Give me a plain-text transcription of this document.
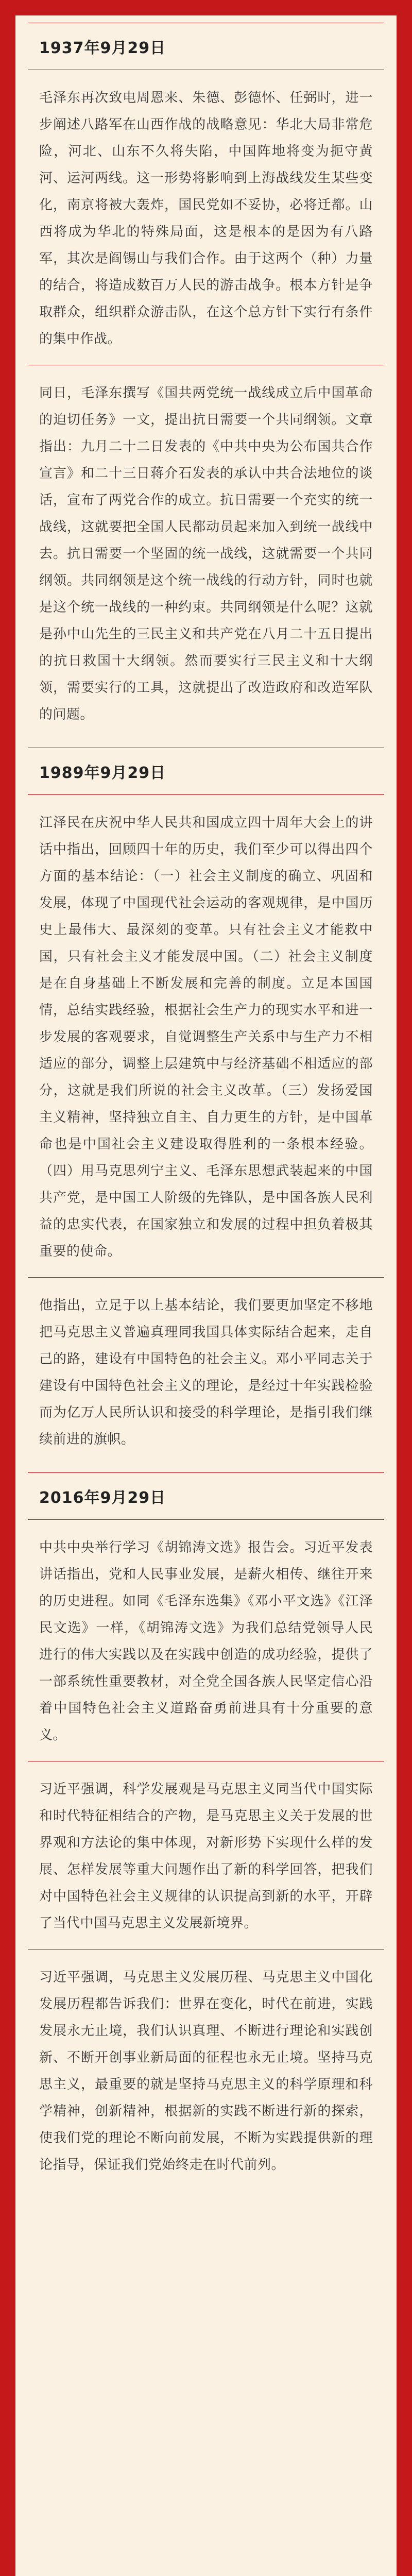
1937年9月29日

毛泽东再次致电周恩来、朱德、彭德怀、任弼时，进一步阐述八路军在山西作战的战略意见：华北大局非常危险，河北、山东不久将失陷，中国阵地将变为扼守黄河、运河两线。这一形势将影响到上海战线发生某些变化，南京将被大轰炸，国民党如不妥协，必将迁都。山西将成为华北的特殊局面，这是根本的是因为有八路军，其次是阎锡山与我们合作。由于这两个（种）力量的结合，将造成数百万人民的游击战争。根本方针是争取群众，组织群众游击队，在这个总方针下实行有条件的集中作战。

同日，毛泽东撰写《国共两党统一战线成立后中国革命的迫切任务》一文，提出抗日需要一个共同纲领。文章指出：九月二十二日发表的《中共中央为公布国共合作宣言》和二十三日蒋介石发表的承认中共合法地位的谈话，宣布了两党合作的成立。抗日需要一个充实的统一战线，这就要把全国人民都动员起来加入到统一战线中去。抗日需要一个坚固的统一战线，这就需要一个共同纲领。共同纲领是这个统一战线的行动方针，同时也就是这个统一战线的一种约束。共同纲领是什么呢？这就是孙中山先生的三民主义和共产党在八月二十五日提出的抗日救国十大纲领。然而要实行三民主义和十大纲领，需要实行的工具，这就提出了改造政府和改造军队的问题。

1989年9月29日

江泽民在庆祝中华人民共和国成立四十周年大会上的讲话中指出，回顾四十年的历史，我们至少可以得出四个方面的基本结论：（一）社会主义制度的确立、巩固和发展，体现了中国现代社会运动的客观规律，是中国历史上最伟大、最深刻的变革。只有社会主义才能救中国，只有社会主义才能发展中国。（二）社会主义制度是在自身基础上不断发展和完善的制度。立足本国国情，总结实践经验，根据社会生产力的现实水平和进一步发展的客观要求，自觉调整生产关系中与生产力不相适应的部分，调整上层建筑中与经济基础不相适应的部分，这就是我们所说的社会主义改革。（三）发扬爱国主义精神，坚持独立自主、自力更生的方针，是中国革命也是中国社会主义建设取得胜利的一条根本经验。（四）用马克思列宁主义、毛泽东思想武装起来的中国共产党，是中国工人阶级的先锋队，是中国各族人民利益的忠实代表，在国家独立和发展的过程中担负着极其重要的使命。

他指出，立足于以上基本结论，我们要更加坚定不移地把马克思主义普遍真理同我国具体实际结合起来，走自己的路，建设有中国特色的社会主义。邓小平同志关于建设有中国特色社会主义的理论，是经过十年实践检验而为亿万人民所认识和接受的科学理论，是指引我们继续前进的旗帜。

2016年9月29日

中共中央举行学习《胡锦涛文选》报告会。习近平发表讲话指出，党和人民事业发展，是薪火相传、继往开来的历史进程。如同《毛泽东选集》《邓小平文选》《江泽民文选》一样，《胡锦涛文选》为我们总结党领导人民进行的伟大实践以及在实践中创造的成功经验，提供了一部系统性重要教材，对全党全国各族人民坚定信心沿着中国特色社会主义道路奋勇前进具有十分重要的意义。

习近平强调，科学发展观是马克思主义同当代中国实际和时代特征相结合的产物，是马克思主义关于发展的世界观和方法论的集中体现，对新形势下实现什么样的发展、怎样发展等重大问题作出了新的科学回答，把我们对中国特色社会主义规律的认识提高到新的水平，开辟了当代中国马克思主义发展新境界。

习近平强调，马克思主义发展历程、马克思主义中国化发展历程都告诉我们：世界在变化，时代在前进，实践发展永无止境，我们认识真理、不断进行理论和实践创新、不断开创事业新局面的征程也永无止境。坚持马克思主义，最重要的就是坚持马克思主义的科学原理和科学精神，创新精神，根据新的实践不断进行新的探索，使我们党的理论不断向前发展，不断为实践提供新的理论指导，保证我们党始终走在时代前列。
